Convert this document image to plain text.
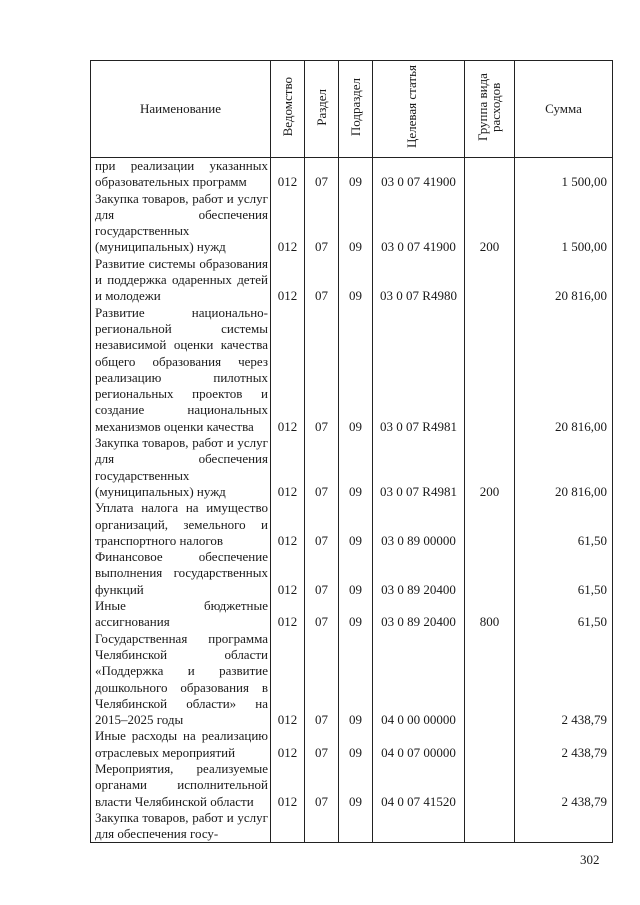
Наименование	Ведомство	Раздел	Подраздел	Целевая статья	Группа вида расходов	Сумма
при реализации указанных образовательных программ	012	07	09	03 0 07 41900		1 500,00
Закупка товаров, работ и услуг для обеспечения государственных (муниципальных) нужд	012	07	09	03 0 07 41900	200	1 500,00
Развитие системы образования и поддержка одаренных детей и молодежи	012	07	09	03 0 07 R4980		20 816,00
Развитие национально-региональной системы независимой оценки качества общего образования через реализацию пилотных региональных проектов и создание национальных механизмов оценки качества	012	07	09	03 0 07 R4981		20 816,00
Закупка товаров, работ и услуг для обеспечения государственных (муниципальных) нужд	012	07	09	03 0 07 R4981	200	20 816,00
Уплата налога на имущество организаций, земельного и транспортного налогов	012	07	09	03 0 89 00000		61,50
Финансовое обеспечение выполнения государственных функций	012	07	09	03 0 89 20400		61,50
Иные бюджетные ассигнования	012	07	09	03 0 89 20400	800	61,50
Государственная программа Челябинской области «Поддержка и развитие дошкольного образования в Челябинской области» на 2015–2025 годы	012	07	09	04 0 00 00000		2 438,79
Иные расходы на реализацию отраслевых мероприятий	012	07	09	04 0 07 00000		2 438,79
Мероприятия, реализуемые органами исполнительной власти Челябинской области	012	07	09	04 0 07 41520		2 438,79
Закупка товаров, работ и услуг для обеспечения госу-						
302
